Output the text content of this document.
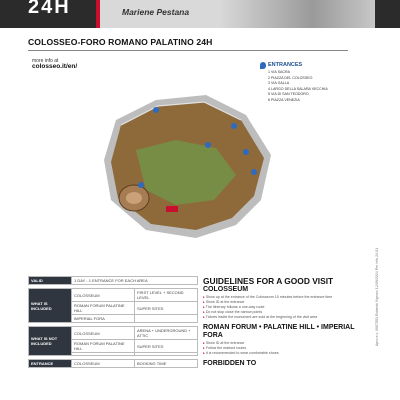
24H	Mariene Pestana
COLOSSEO-FORO ROMANO PALATINO 24H
more info at
colosseo.it/en/	ENTRANCES
1 VIA SACRA
2 PIAZZA DEL COLOSSEO
3 VIA GALLA
4 LARGO DELLA SALARA VECCHIA
5 VIA DI SAN TEODORO
6 PIAZZA VENEZIA
Apro e.v. 0007553 Roberto Vignoni 12/09/2024 Per info 24.01
VALID	1 DAY - 1 ENTRANCE FOR EACH AREA
WHAT IS INCLUDED	COLOSSEUM	FIRST LEVEL + SECOND LEVEL
	ROMAN FORUM PALATINE HILL	SUPER SITES
	IMPERIAL FORA	
WHAT IS NOT INCLUDED	COLOSSEUM	ARENA + UNDERGROUND + ATTIC
	ROMAN FORUM PALATINE HILL	SUPER SITES

ENTRANCE	COLOSSEUM	BOOKING TIME
GUIDELINES FOR A GOOD VISIT
COLOSSEUM
▸ Show up at the entrance of the Colosseum 15 minutes before the entrance time
▸ Show ID at the entrance
▸ The itinerary follows a one-way route
▸ Do not stop close the narrow points
▸ Tickets inside the monument are sold at the beginning of the visit area
ROMAN FORUM • PALATINE HILL • IMPERIAL FORA
▸ Show ID at the entrance
▸ Follow the marked routes
▸ It is recommended to wear comfortable shoes
FORBIDDEN TO
